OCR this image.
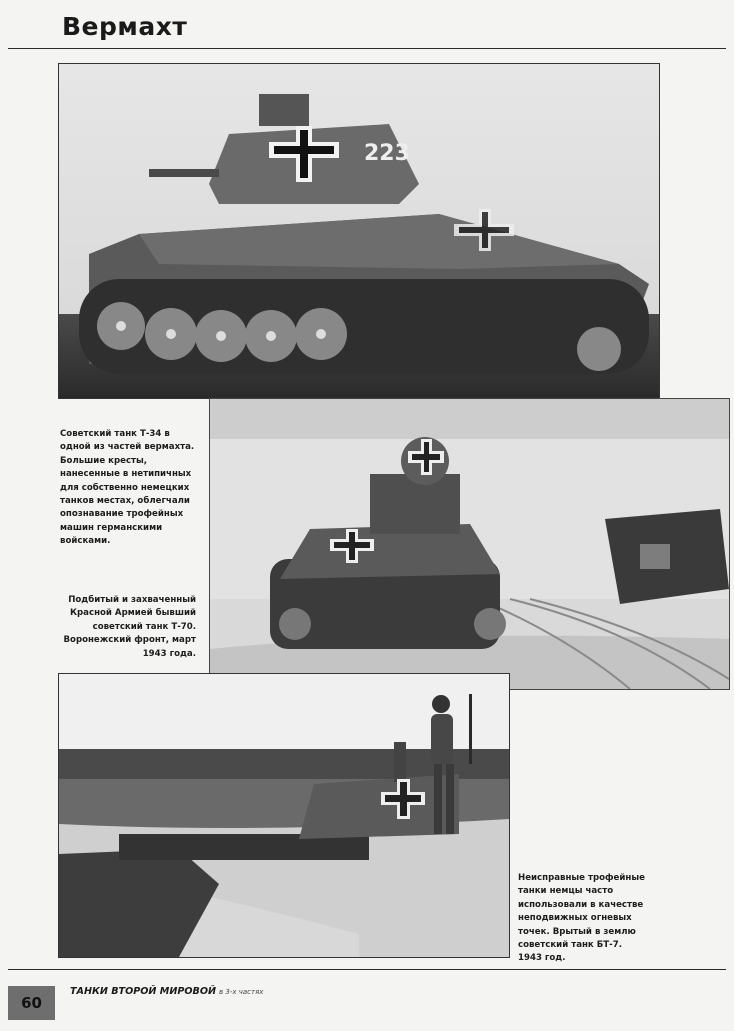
Вермахт
223
Советский танк Т-34 в
одной из частей вермахта.
Большие кресты,
нанесенные в нетипичных
для собственно немецких
танков местах, облегчали
опознавание трофейных
машин германскими
войсками.
Подбитый и захваченный
Красной Армией бывший
советский танк Т-70.
Воронежский фронт, март
1943 года.
Неисправные трофейные
танки немцы часто
использовали в качестве
неподвижных огневых
точек. Врытый в землю
советский танк БТ-7.
1943 год.
60
ТАНКИ ВТОРОЙ МИРОВОЙ в 3-х частях
